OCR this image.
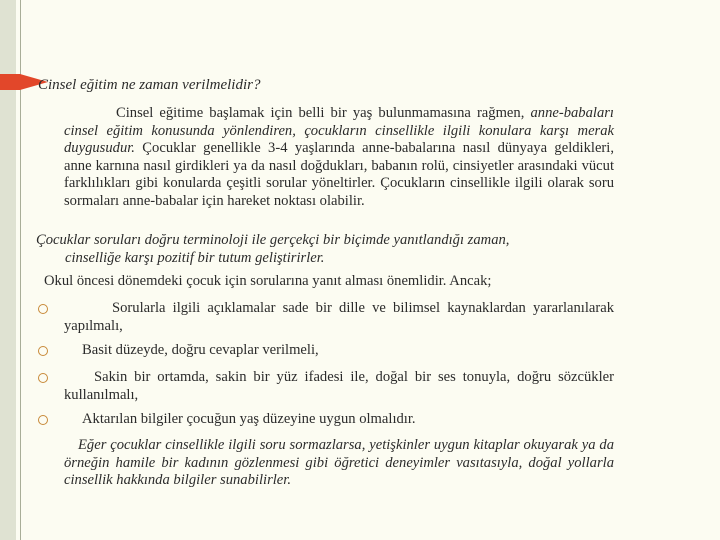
Cinsel eğitim ne zaman verilmelidir?
Cinsel eğitime başlamak için belli bir yaş bulunmamasına rağmen, anne-babaları cinsel eğitim konusunda yönlendiren, çocukların cinsellikle ilgili konulara karşı merak duygusudur. Çocuklar genellikle 3-4 yaşlarında anne-babalarına nasıl dünyaya geldikleri, anne karnına nasıl girdikleri ya da nasıl doğdukları, babanın rolü, cinsiyetler arasındaki vücut farklılıkları gibi konularda çeşitli sorular yöneltirler. Çocukların cinsellikle ilgili olarak soru sormaları anne-babalar için hareket noktası olabilir.
Çocuklar soruları doğru terminoloji ile gerçekçi bir biçimde yanıtlandığı zaman,
cinselliğe karşı pozitif bir tutum geliştirirler.
Okul öncesi dönemdeki çocuk için sorularına yanıt alması önemlidir. Ancak;
Sorularla ilgili açıklamalar sade bir dille ve bilimsel kaynaklardan yararlanılarak yapılmalı,
Basit düzeyde, doğru cevaplar verilmeli,
Sakin bir ortamda, sakin bir yüz ifadesi ile, doğal bir ses tonuyla, doğru sözcükler kullanılmalı,
Aktarılan bilgiler çocuğun yaş düzeyine uygun olmalıdır.
Eğer çocuklar cinsellikle ilgili soru sormazlarsa, yetişkinler uygun kitaplar okuyarak ya da örneğin hamile bir kadının gözlenmesi gibi öğretici deneyimler vasıtasıyla, doğal yollarla cinsellik hakkında bilgiler sunabilirler.
